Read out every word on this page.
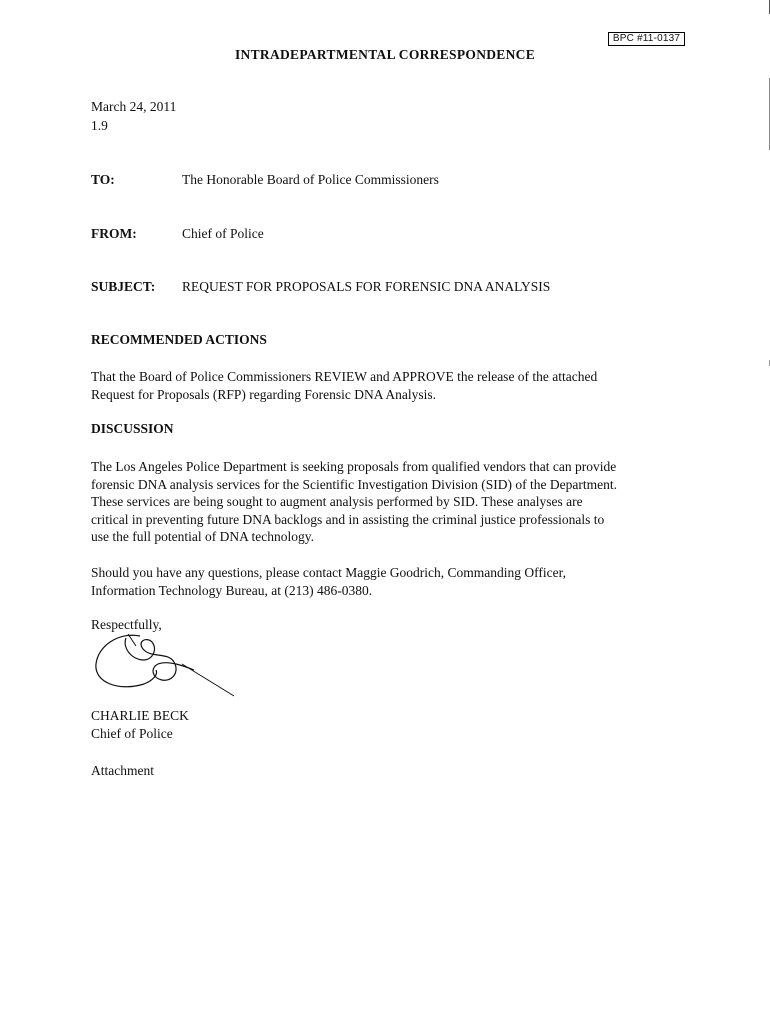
BPC #11-0137
INTRADEPARTMENTAL CORRESPONDENCE
March 24, 2011
1.9
TO:	The Honorable Board of Police Commissioners
FROM:	Chief of Police
SUBJECT: REQUEST FOR PROPOSALS FOR FORENSIC DNA ANALYSIS
RECOMMENDED ACTIONS

That the Board of Police Commissioners REVIEW and APPROVE the release of the attached

Request for Proposals (RFP) regarding Forensic DNA Analysis.

DISCUSSION

The Los Angeles Police Department is seeking proposals from qualified vendors that can provide

forensic DNA analysis services for the Scientific Investigation Division (SID) of the Department.

These services are being sought to augment analysis performed by SID. These analyses are

critical in preventing future DNA backlogs and in assisting the criminal justice professionals to

use the full potential of DNA technology.

Should you have any questions, please contact Maggie Goodrich, Commanding Officer,

Information Technology Bureau, at (213) 486-0380.

Respectfully,
CHARLIE BECK
Chief of Police
Attachment
